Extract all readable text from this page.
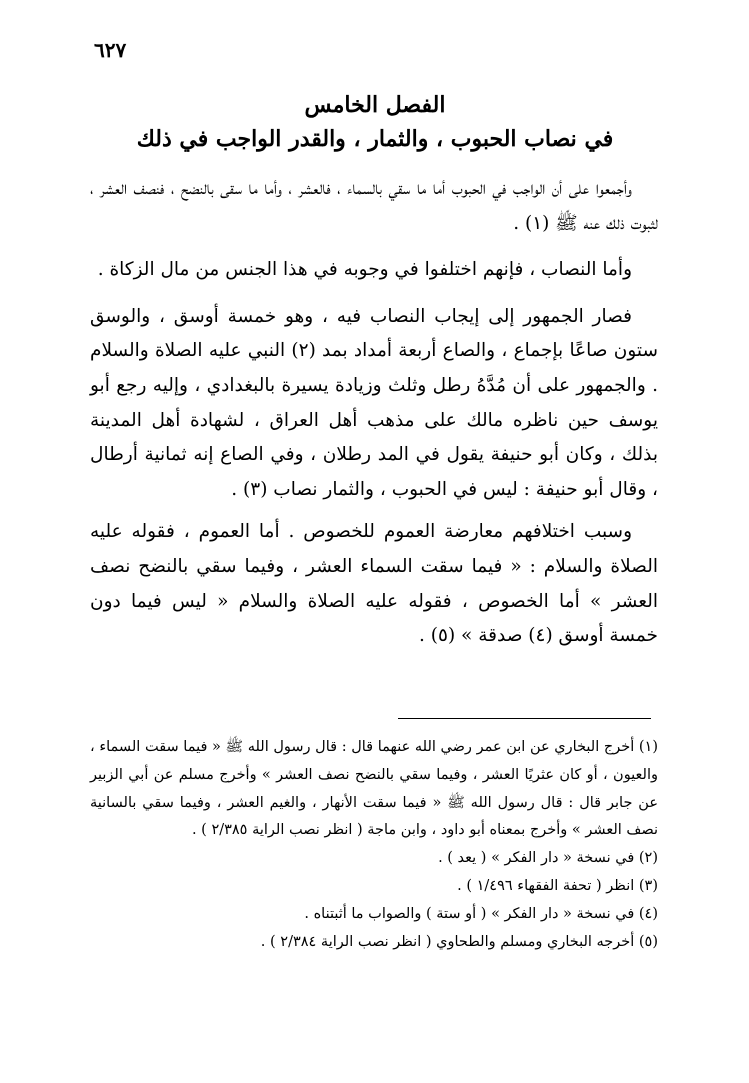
٦٢٧
الفصل الخامس
في نصاب الحبوب ، والثمار ، والقدر الواجب في ذلك

وأجمعوا على أن الواجب في الحبوب أما ما سقي بالسماء ، فالعشر ، وأما ما سقى بالنضح ، فنصف العشر ، لثبوت ذلك عنه ﷺ (١) .

وأما النصاب ، فإنهم اختلفوا في وجوبه في هذا الجنس من مال الزكاة .

فصار الجمهور إلى إيجاب النصاب فيه ، وهو خمسة أوسق ، والوسق ستون صاعًا بإجماع ، والصاع أربعة أمداد بمد (٢) النبي عليه الصلاة والسلام . والجمهور على أن مُدَّهُ رطل وثلث وزيادة يسيرة بالبغدادي ، وإليه رجع أبو يوسف حين ناظره مالك على مذهب أهل العراق ، لشهادة أهل المدينة بذلك ، وكان أبو حنيفة يقول في المد رطلان ، وفي الصاع إنه ثمانية أرطال ، وقال أبو حنيفة : ليس في الحبوب ، والثمار نصاب (٣) .

وسبب اختلافهم معارضة العموم للخصوص . أما العموم ، فقوله عليه الصلاة والسلام : « فيما سقت السماء العشر ، وفيما سقي بالنضح نصف العشر » أما الخصوص ، فقوله عليه الصلاة والسلام « ليس فيما دون خمسة أوسق (٤) صدقة » (٥) .

(١) أخرج البخاري عن ابن عمر رضي الله عنهما قال : قال رسول الله ﷺ « فيما سقت السماء ، والعيون ، أو كان عثريًا العشر ، وفيما سقي بالنضح نصف العشر » وأخرج مسلم عن أبي الزبير عن جابر قال : قال رسول الله ﷺ « فيما سقت الأنهار ، والغيم العشر ، وفيما سقي بالسانية نصف العشر » وأخرج بمعناه أبو داود ، وابن ماجة ( انظر نصب الراية ٢/٣٨٥ ) .

(٢) في نسخة « دار الفكر » ( يعد ) .

(٣) انظر ( تحفة الفقهاء ١/٤٩٦ ) .

(٤) في نسخة « دار الفكر » ( أو ستة ) والصواب ما أثبتناه .

(٥) أخرجه البخاري ومسلم والطحاوي ( انظر نصب الراية ٢/٣٨٤ ) .
